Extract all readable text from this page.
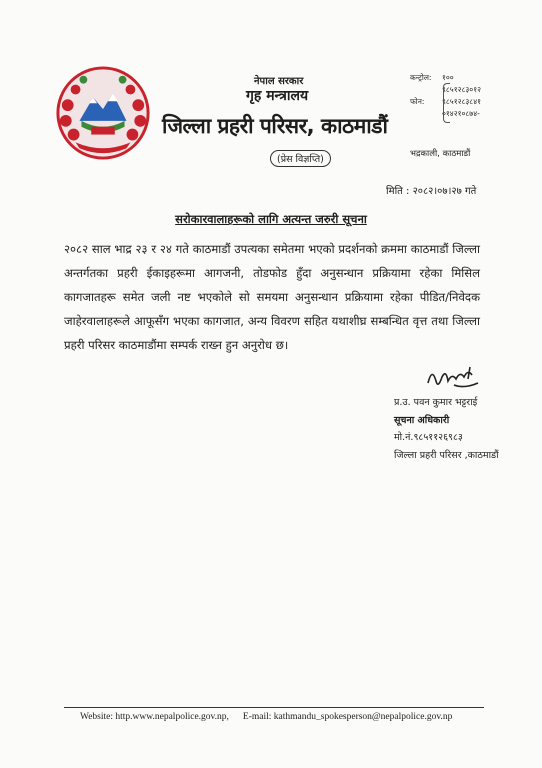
नेपाल सरकार
गृह मन्त्रालय
जिल्ला प्रहरी परिसर, काठमाडौं
(प्रेस विज्ञप्ति)
कन्ट्रोल:	१००
९८५१२८३०१२
फोन:	९८५१२८३८४१
०१४२१०८७४-
भद्रकाली, काठमाडौं
मिति : २०८२।०७।२७ गते
सरोकारवालाहरूको लागि अत्यन्त जरुरी सूचना
२०८२ साल भाद्र २३ र २४ गते काठमाडौं उपत्यका समेतमा भएको प्रदर्शनको क्रममा काठमाडौं जिल्ला अन्तर्गतका प्रहरी ईकाइहरूमा आगजनी, तोडफोड हुँदा अनुसन्धान प्रक्रियामा रहेका मिसिल कागजातहरू समेत जली नष्ट भएकोले सो समयमा अनुसन्धान प्रक्रियामा रहेका पीडित/निवेदक जाहेरवालाहरूले आफूसँग भएका कागजात, अन्य विवरण सहित यथाशीघ्र सम्बन्धित वृत्त तथा जिल्ला प्रहरी परिसर काठमाडौंमा सम्पर्क राख्न हुन अनुरोध छ।
प्र.उ. पवन कुमार भट्टराई
सूचना अधिकारी
मो.नं.९८५११२६९८३
जिल्ला प्रहरी परिसर ,काठमाडौं
Website: http.www.nepalpolice.gov.np, E-mail: kathmandu_spokesperson@nepalpolice.gov.np
